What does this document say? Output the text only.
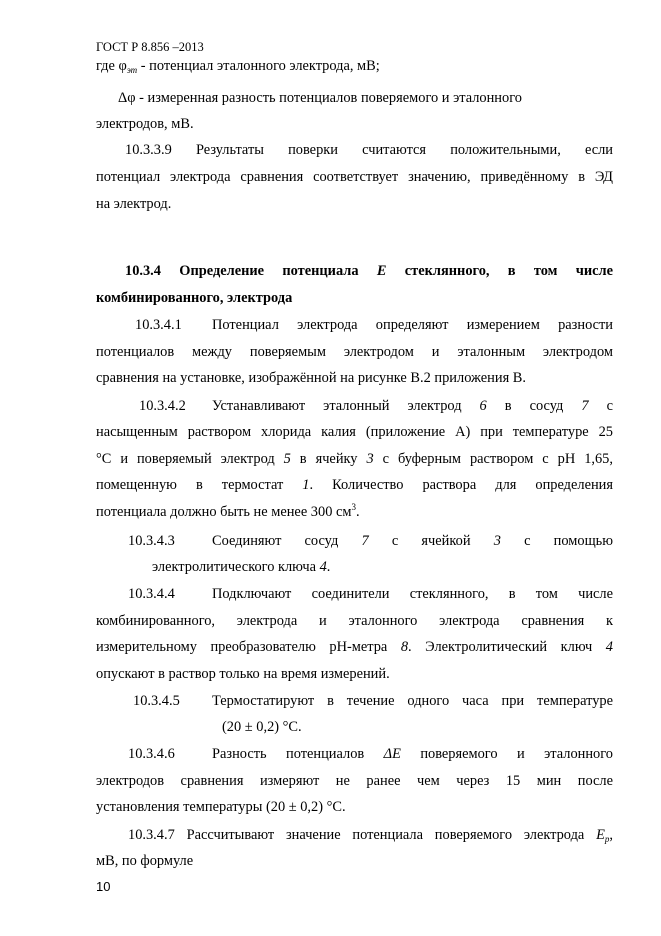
ГОСТ Р 8.856 –2013
где $\varphi_{эт}$ - потенциал эталонного электрода, мВ;
Δφ - измеренная разность потенциалов поверяемого и эталонного
электродов, мВ.
10.3.3.9 Результаты поверки считаются положительными, если
потенциал электрода сравнения соответствует значению, приведённому в ЭД
на электрод.
10.3.4 Определение потенциала E стеклянного, в том числе
комбинированного, электрода
10.3.4.1 Потенциал электрода определяют измерением разности
потенциалов между поверяемым электродом и эталонным электродом
сравнения на установке, изображённой на рисунке В.2 приложения В.
10.3.4.2 Устанавливают эталонный электрод 6 в сосуд 7 с
насыщенным раствором хлорида калия (приложение А) при температуре 25
°С и поверяемый электрод 5 в ячейку 3 с буферным раствором с рН 1,65,
помещенную в термостат 1. Количество раствора для определения
потенциала должно быть не менее 300 $см^3$.
10.3.4.3	Соединяют сосуд 7 с ячейкой 3 с помощью
электролитического ключа 4.
10.3.4.4	Подключают соединители стеклянного, в том числе
комбинированного, электрода и эталонного электрода сравнения к
измерительному преобразователю рН-метра 8. Электролитический ключ 4
опускают в раствор только на время измерений.
10.3.4.5 Термостатируют в течение одного часа при температуре
(20 ± 0,2) °С.
10.3.4.6	Разность потенциалов ΔE поверяемого и эталонного
электродов сравнения измеряют не ранее чем через 15 мин после
установления температуры (20 ± 0,2) °С.
10.3.4.7 Рассчитывают значение потенциала поверяемого электрода $E_p$,
мВ, по формуле
10
